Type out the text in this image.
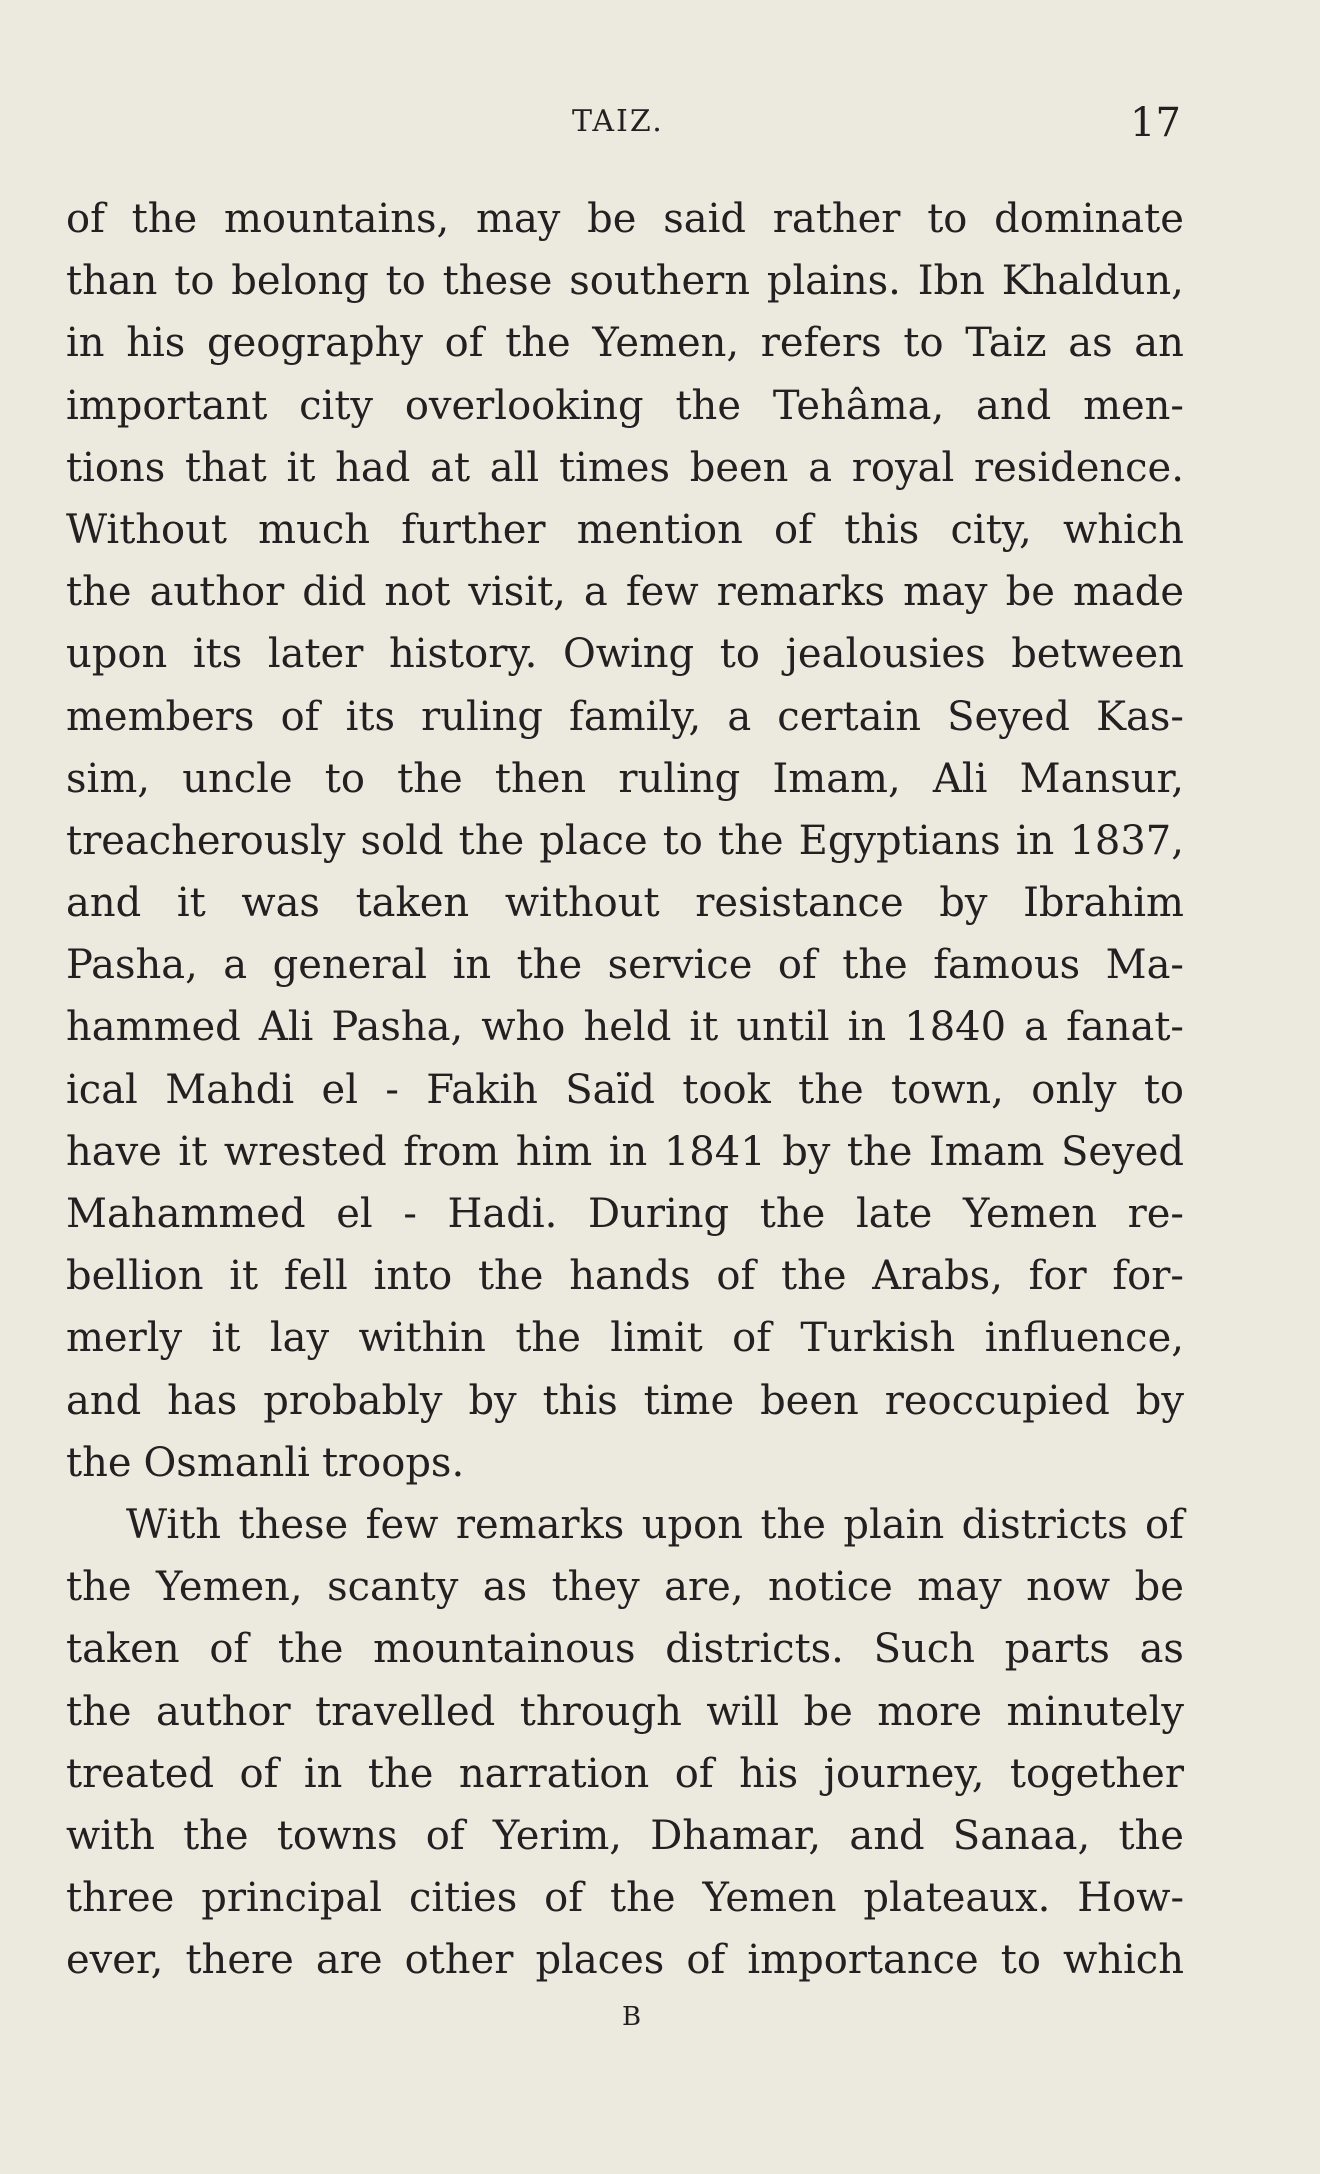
TAIZ.	17
of the mountains, may be said rather to dominate
than to belong to these southern plains. Ibn Khaldun,
in his geography of the Yemen, refers to Taiz as an
important city overlooking the Tehâma, and men-
tions that it had at all times been a royal residence.
Without much further mention of this city, which
the author did not visit, a few remarks may be made
upon its later history. Owing to jealousies between
members of its ruling family, a certain Seyed Kas-
sim, uncle to the then ruling Imam, Ali Mansur,
treacherously sold the place to the Egyptians in 1837,
and it was taken without resistance by Ibrahim
Pasha, a general in the service of the famous Ma-
hammed Ali Pasha, who held it until in 1840 a fanat-
ical Mahdi el - Fakih Saïd took the town, only to
have it wrested from him in 1841 by the Imam Seyed
Mahammed el - Hadi. During the late Yemen re-
bellion it fell into the hands of the Arabs, for for-
merly it lay within the limit of Turkish influence,
and has probably by this time been reoccupied by
the Osmanli troops.
With these few remarks upon the plain districts of
the Yemen, scanty as they are, notice may now be
taken of the mountainous districts. Such parts as
the author travelled through will be more minutely
treated of in the narration of his journey, together
with the towns of Yerim, Dhamar, and Sanaa, the
three principal cities of the Yemen plateaux. How-
ever, there are other places of importance to which
B
